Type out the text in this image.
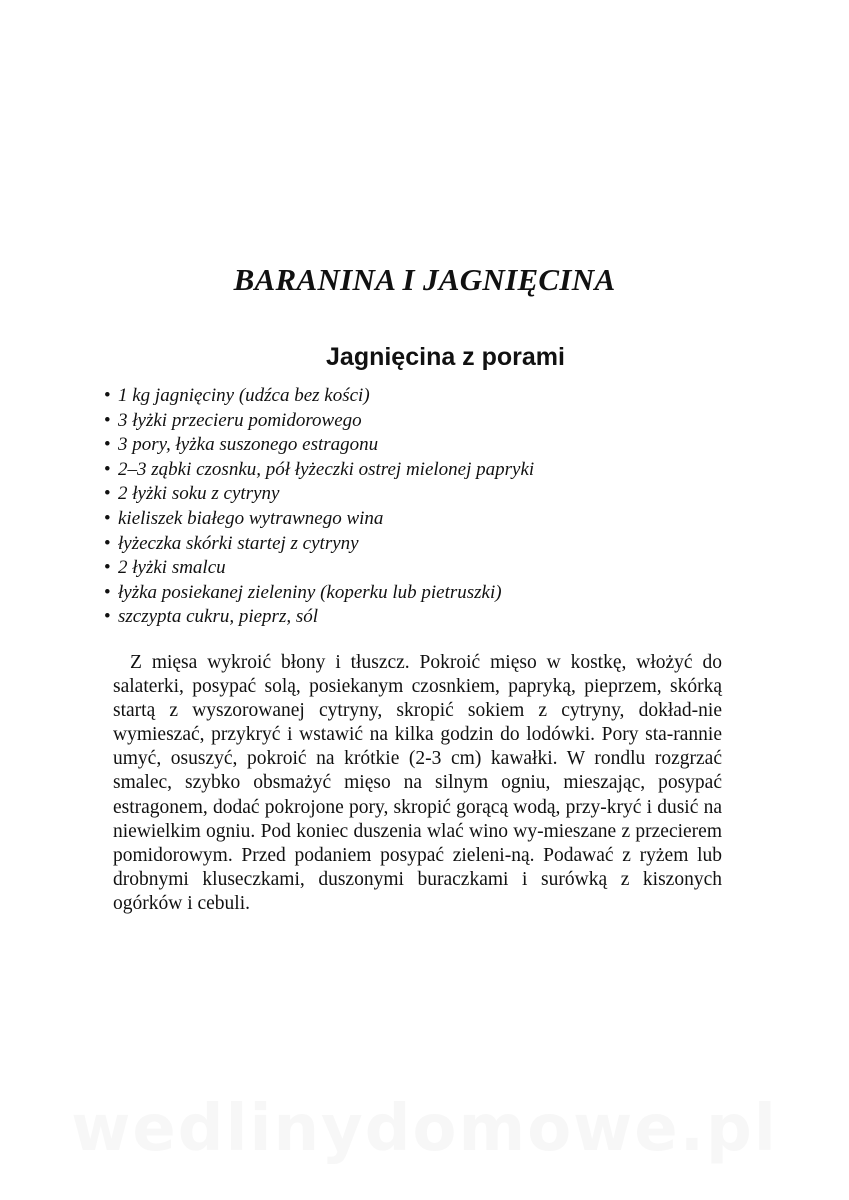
BARANINA I JAGNIĘCINA
Jagnięcina z porami
• 1 kg jagnięciny (udźca bez kości)
• 3 łyżki przecieru pomidorowego
• 3 pory, łyżka suszonego estragonu
• 2–3 ząbki czosnku, pół łyżeczki ostrej mielonej papryki
• 2 łyżki soku z cytryny
• kieliszek białego wytrawnego wina
• łyżeczka skórki startej z cytryny
• 2 łyżki smalcu
• łyżka posiekanej zieleniny (koperku lub pietruszki)
• szczypta cukru, pieprz, sól

Z mięsa wykroić błony i tłuszcz. Pokroić mięso w kostkę, włożyć do salaterki, posypać solą, posiekanym czosnkiem, papryką, pieprzem, skórką startą z wyszorowanej cytryny, skropić sokiem z cytryny, dokład-nie wymieszać, przykryć i wstawić na kilka godzin do lodówki. Pory sta-rannie umyć, osuszyć, pokroić na krótkie (2-3 cm) kawałki. W rondlu rozgrzać smalec, szybko obsmażyć mięso na silnym ogniu, mieszając, posypać estragonem, dodać pokrojone pory, skropić gorącą wodą, przy-kryć i dusić na niewielkim ogniu. Pod koniec duszenia wlać wino wy-mieszane z przecierem pomidorowym. Przed podaniem posypać zieleni-ną. Podawać z ryżem lub drobnymi kluseczkami, duszonymi buraczkami i surówką z kiszonych ogórków i cebuli.

wedlinydomowe.pl
